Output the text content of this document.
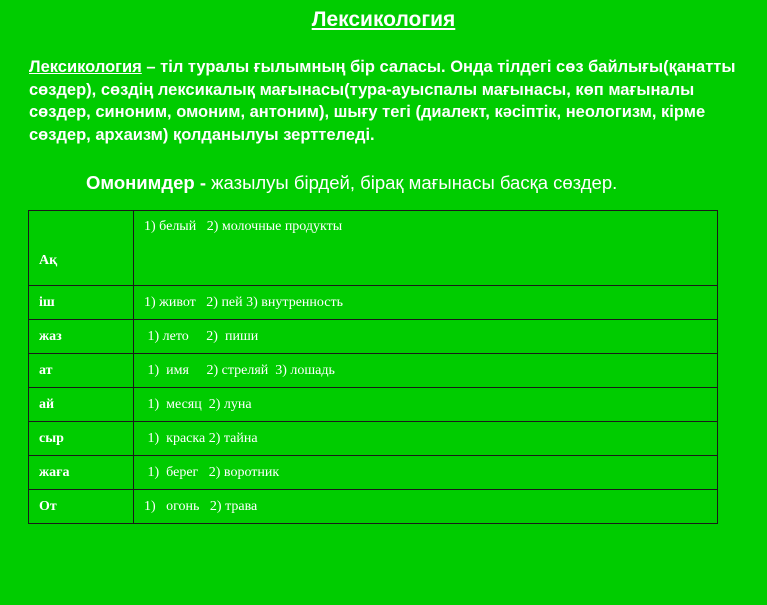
Лексикология

Лексикология – тіл туралы ғылымның бір саласы. Онда тілдегі сөз байлығы(қанатты сөздер), сөздің лексикалық мағынасы(тура-ауыспалы мағынасы, көп мағыналы сөздер, синоним, омоним, антоним), шығу тегі (диалект, кәсіптік, неологизм, кірме сөздер, архаизм) қолданылуы зерттеледі.

Омонимдер - жазылуы бірдей, бірақ мағынасы басқа сөздер.

Ақ	1) белый   2) молочные продукты
іш	1) живот   2) пей 3) внутренность
жаз	1) лето     2)  пиши
ат	1)  имя     2) стреляй  3) лошадь
ай	1)  месяц  2) луна
сыр	1)  краска 2) тайна
жаға	1)  берег   2) воротник
От	1)   огонь   2) трава
